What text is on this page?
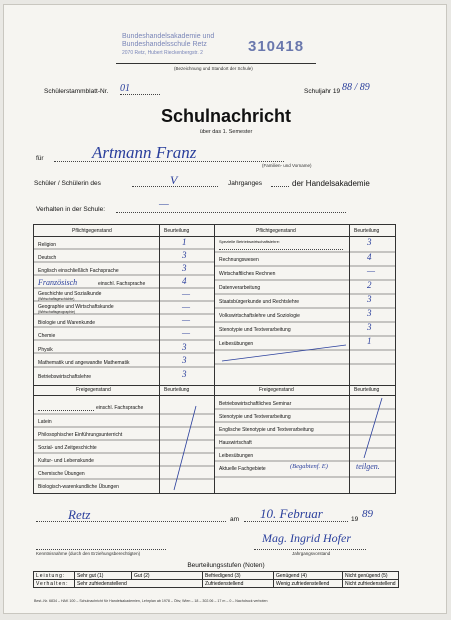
Bundeshandelsakademie und
Bundeshandelsschule Retz
2070 Retz, Hubert Rieckenbergstr. 2	310418
(Bezeichnung und Standort der Schule)
Schülerstammblatt-Nr. 01	Schuljahr 19 88 / 89
Schulnachricht
über das 1. Semester
für	Artmann Franz
(Familien- und Vorname)
Schüler / Schülerin des	V	Jahrganges	der Handelsakademie
Verhalten in der Schule:	—
Pflichtgegenstand	Beurteilung	Pflichtgegenstand	Beurteilung
Religion	1
Deutsch	3
Englisch einschließlich Fachsprache	3
Französisch	einschl. Fachsprache	4
Geschichte und Sozialkunde
(Wirtschaftsgeschichte)	—
Geographie und Wirtschaftskunde
(Wirtschaftsgeographie)	—
Biologie und Warenkunde	—
Chemie	—
Physik	3
Mathematik und angewandte Mathematik	3
Betriebswirtschaftslehre	3
Spezielle Betriebswirtschaftslehre:	3
Rechnungswesen	4
Wirtschaftliches Rechnen	—
Datenverarbeitung	2
Staatsbürgerkunde und Rechtslehre	3
Volkswirtschaftslehre und Soziologie	3
Stenotypie und Textverarbeitung	3
Leibesübungen	1
Freigegenstand	Beurteilung	Freigegenstand	Beurteilung
einschl. Fachsprache
Latein
Philosophischer Einführungsunterricht
Sozial- und Zeitgeschichte
Kultur- und Lebenskunde
Chemische Übungen
Biologisch-warenkundliche Übungen
Betriebswirtschaftliches Seminar
Stenotypie und Textverarbeitung
Englische Stenotypie und Textverarbeitung
Hauswirtschaft
Leibesübungen
Aktuelle Fachgebiete	(Begabtenf. E)	teilgen.
Retz	am 10. Februar	19 89
Kenntnisnahme (durch den Erziehungsberechtigten)
Mag. Ingrid Hofer
Jahrgangsvorstand
Beurteilungsstufen (Noten)
Leistung:	Sehr gut (1)	Gut (2)	Befriedigend (3)	Genügend (4)	Nicht genügend (5)
Verhalten:	Sehr zufriedenstellend		Zufriedenstellend	Wenig zufriedenstellend	Nicht zufriedenstellend
Best.-Nr. 6834 – HAK 100 – Schulnachricht für Handelsakademien, Lehrplan ab 1978 – Öbv, Wien – 18 – 302.06 – 17 m – 0 – Nachdruck verboten
